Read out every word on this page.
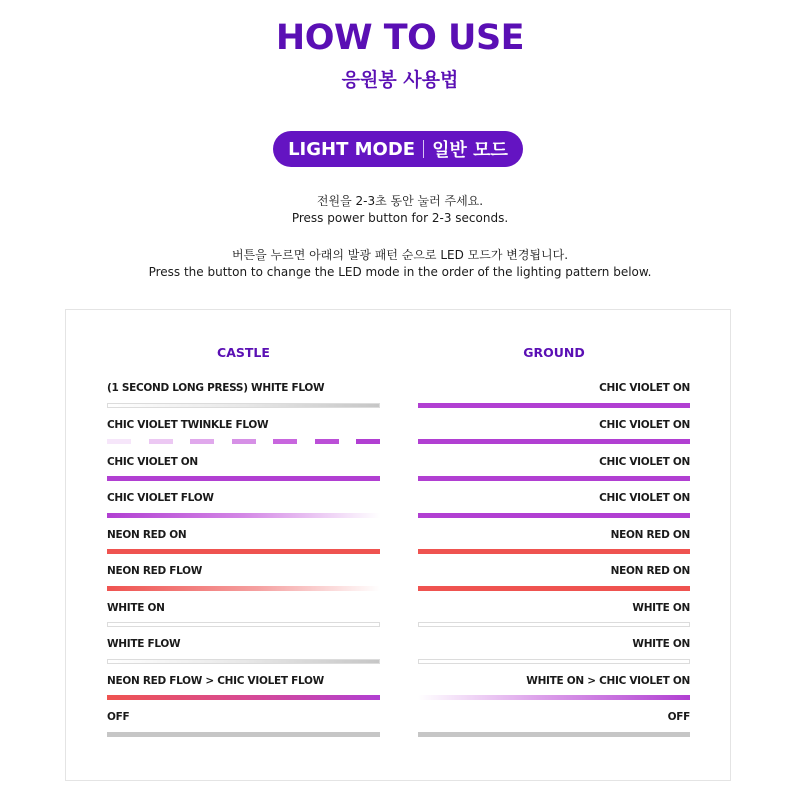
HOW TO USE
응원봉 사용법
LIGHT MODE 일반 모드
전원을 2-3초 동안 눌러 주세요.
Press power button for 2-3 seconds.
버튼을 누르면 아래의 발광 패턴 순으로 LED 모드가 변경됩니다.
Press the button to change the LED mode in the order of the lighting pattern below.
CASTLE	GROUND
(1 SECOND LONG PRESS) WHITE FLOW
CHIC VIOLET TWINKLE FLOW
CHIC VIOLET ON
CHIC VIOLET FLOW
NEON RED ON
NEON RED FLOW
WHITE ON
WHITE FLOW
NEON RED FLOW > CHIC VIOLET FLOW
OFF
CHIC VIOLET ON
CHIC VIOLET ON
CHIC VIOLET ON
CHIC VIOLET ON
NEON RED ON
NEON RED ON
WHITE ON
WHITE ON
WHITE ON > CHIC VIOLET ON
OFF
